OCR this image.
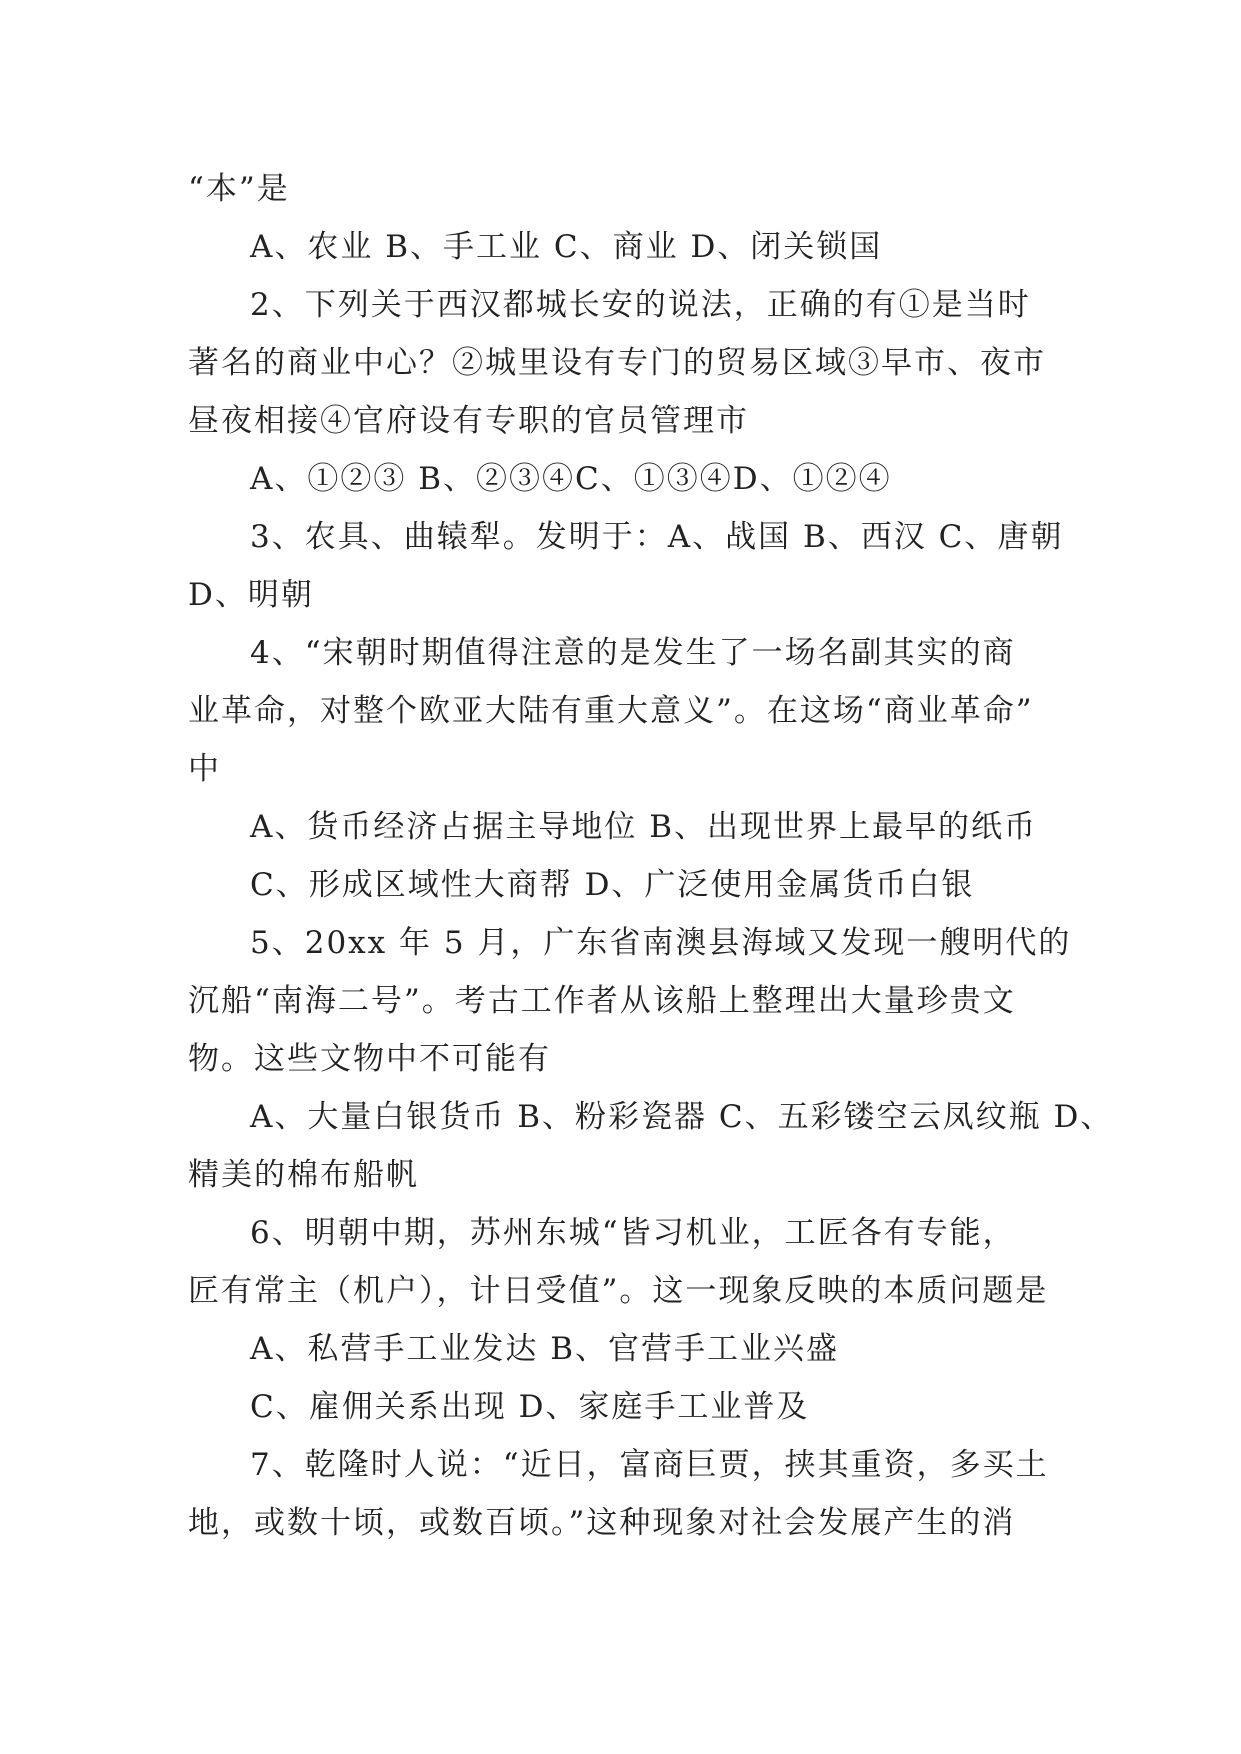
“本”是
A、农业 B、手工业 C、商业 D、闭关锁国
2、下列关于西汉都城长安的说法，正确的有①是当时
著名的商业中心？②城里设有专门的贸易区域③早市、夜市
昼夜相接④官府设有专职的官员管理市
A、①②③ B、②③④C、①③④D、①②④
3、农具、曲辕犁。发明于：A、战国 B、西汉 C、唐朝
D、明朝
4、“宋朝时期值得注意的是发生了一场名副其实的商
业革命，对整个欧亚大陆有重大意义”。在这场“商业革命”
中
A、货币经济占据主导地位 B、出现世界上最早的纸币
C、形成区域性大商帮 D、广泛使用金属货币白银
5、20xx 年 5 月，广东省南澳县海域又发现一艘明代的
沉船“南海二号”。考古工作者从该船上整理出大量珍贵文
物。这些文物中不可能有
A、大量白银货币 B、粉彩瓷器 C、五彩镂空云凤纹瓶 D、
精美的棉布船帆
6、明朝中期，苏州东城“皆习机业，工匠各有专能，
匠有常主（机户），计日受值”。这一现象反映的本质问题是
A、私营手工业发达 B、官营手工业兴盛
C、雇佣关系出现 D、家庭手工业普及
7、乾隆时人说：“近日，富商巨贾，挟其重资，多买土
地，或数十顷，或数百顷。”这种现象对社会发展产生的消
